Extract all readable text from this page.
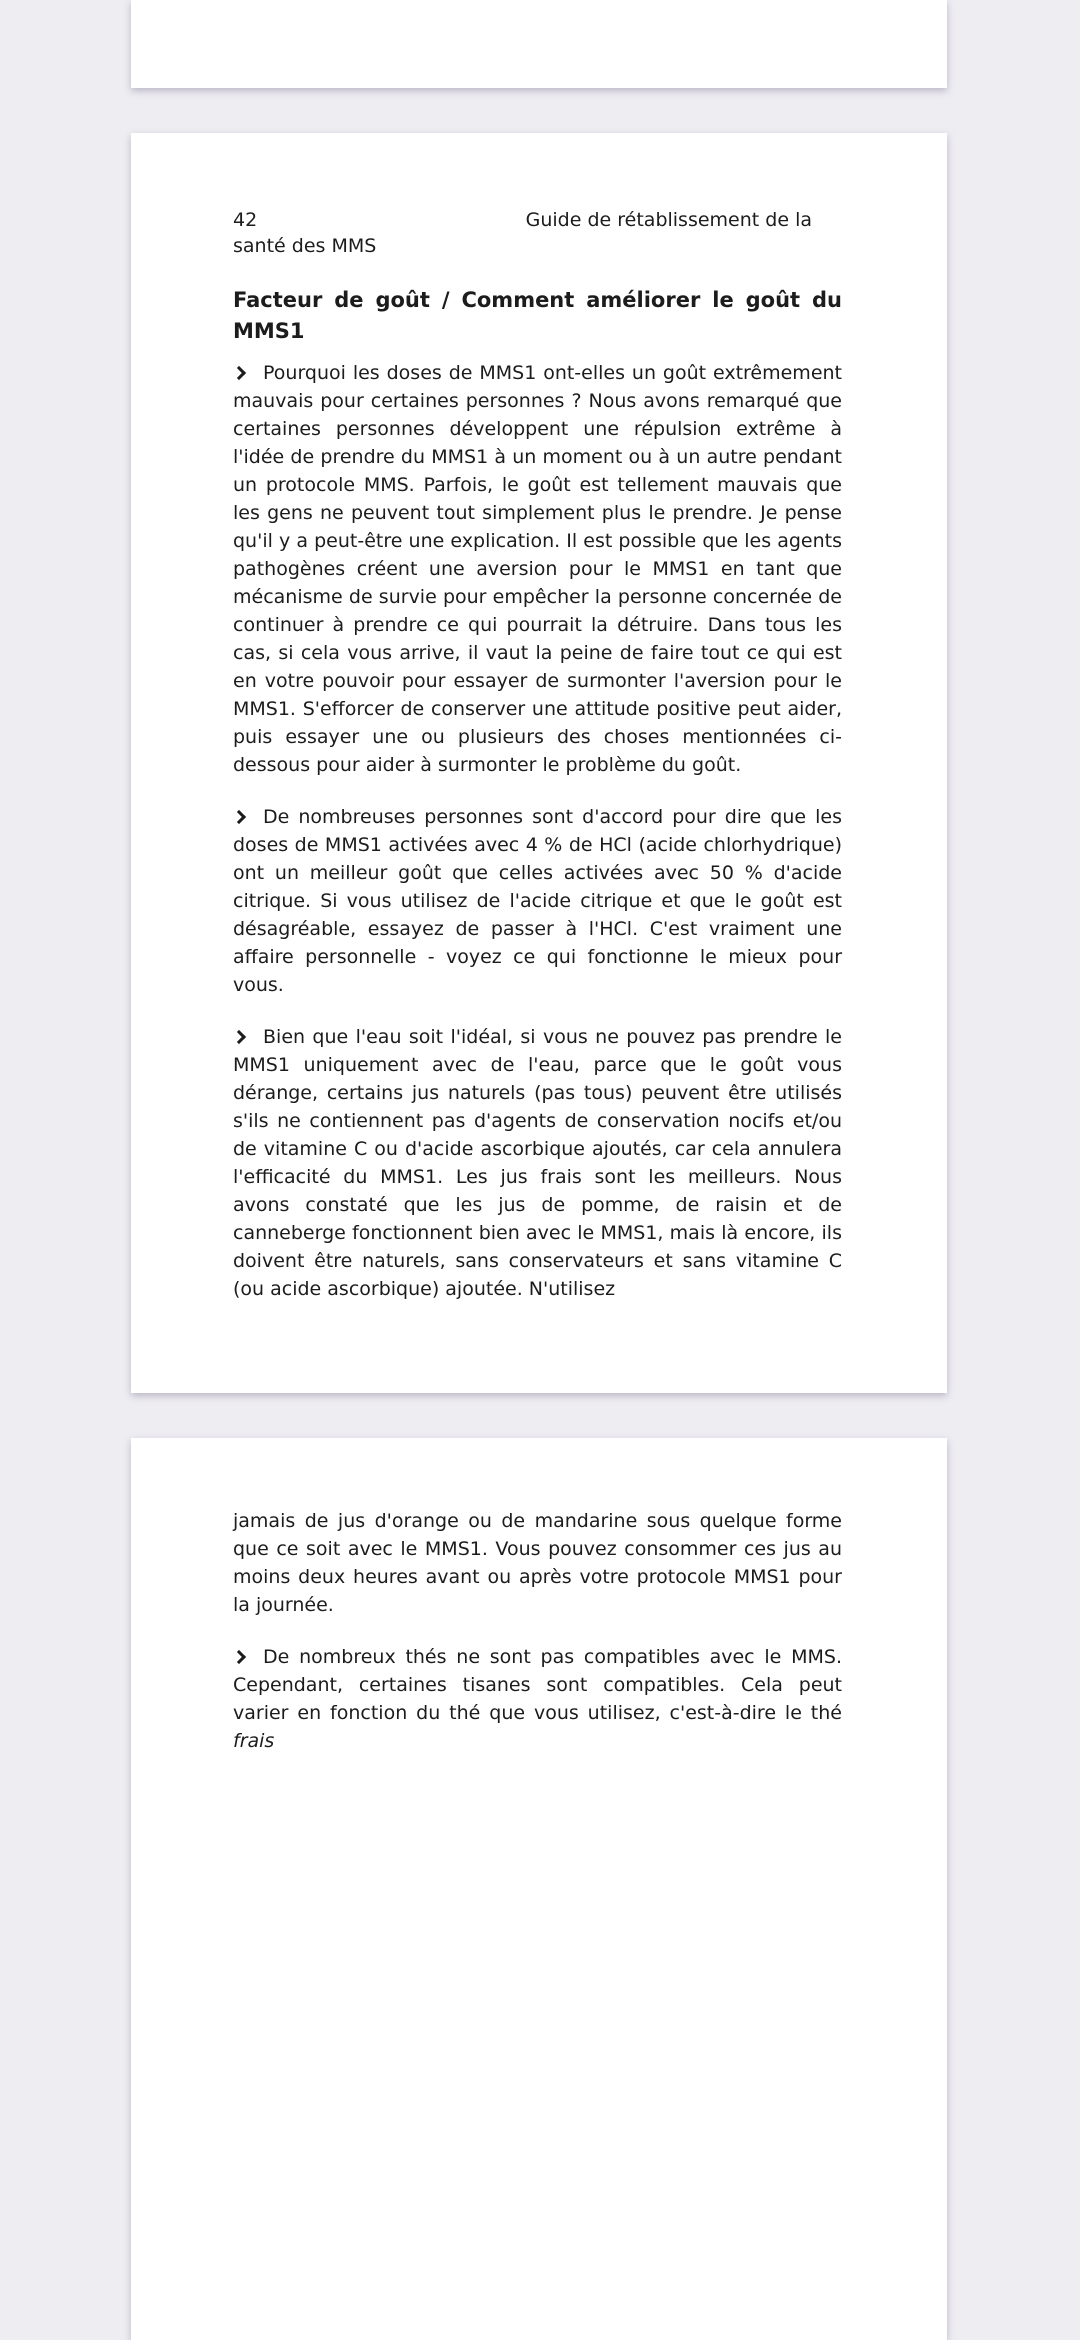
42	Guide de rétablissement de la
santé des MMS
Facteur de goût / Comment améliorer le goût du MMS1

Pourquoi les doses de MMS1 ont-elles un goût extrêmement mauvais pour certaines personnes ? Nous avons remarqué que certaines personnes développent une répulsion extrême à l'idée de prendre du MMS1 à un moment ou à un autre pendant un protocole MMS. Parfois, le goût est tellement mauvais que les gens ne peuvent tout simplement plus le prendre. Je pense qu'il y a peut-être une explication. Il est possible que les agents pathogènes créent une aversion pour le MMS1 en tant que mécanisme de survie pour empêcher la personne concernée de continuer à prendre ce qui pourrait la détruire. Dans tous les cas, si cela vous arrive, il vaut la peine de faire tout ce qui est en votre pouvoir pour essayer de surmonter l'aversion pour le MMS1. S'efforcer de conserver une attitude positive peut aider, puis essayer une ou plusieurs des choses mentionnées ci-dessous pour aider à surmonter le problème du goût.

De nombreuses personnes sont d'accord pour dire que les doses de MMS1 activées avec 4 % de HCl (acide chlorhydrique) ont un meilleur goût que celles activées avec 50 % d'acide citrique. Si vous utilisez de l'acide citrique et que le goût est désagréable, essayez de passer à l'HCl. C'est vraiment une affaire personnelle - voyez ce qui fonctionne le mieux pour vous.

Bien que l'eau soit l'idéal, si vous ne pouvez pas prendre le MMS1 uniquement avec de l'eau, parce que le goût vous dérange, certains jus naturels (pas tous) peuvent être utilisés s'ils ne contiennent pas d'agents de conservation nocifs et/ou de vitamine C ou d'acide ascorbique ajoutés, car cela annulera l'efficacité du MMS1. Les jus frais sont les meilleurs. Nous avons constaté que les jus de pomme, de raisin et de canneberge fonctionnent bien avec le MMS1, mais là encore, ils doivent être naturels, sans conservateurs et sans vitamine C (ou acide ascorbique) ajoutée. N'utilisez

jamais de jus d'orange ou de mandarine sous quelque forme que ce soit avec le MMS1. Vous pouvez consommer ces jus au moins deux heures avant ou après votre protocole MMS1 pour la journée.

De nombreux thés ne sont pas compatibles avec le MMS. Cependant, certaines tisanes sont compatibles. Cela peut varier en fonction du thé que vous utilisez, c'est-à-dire le thé frais
